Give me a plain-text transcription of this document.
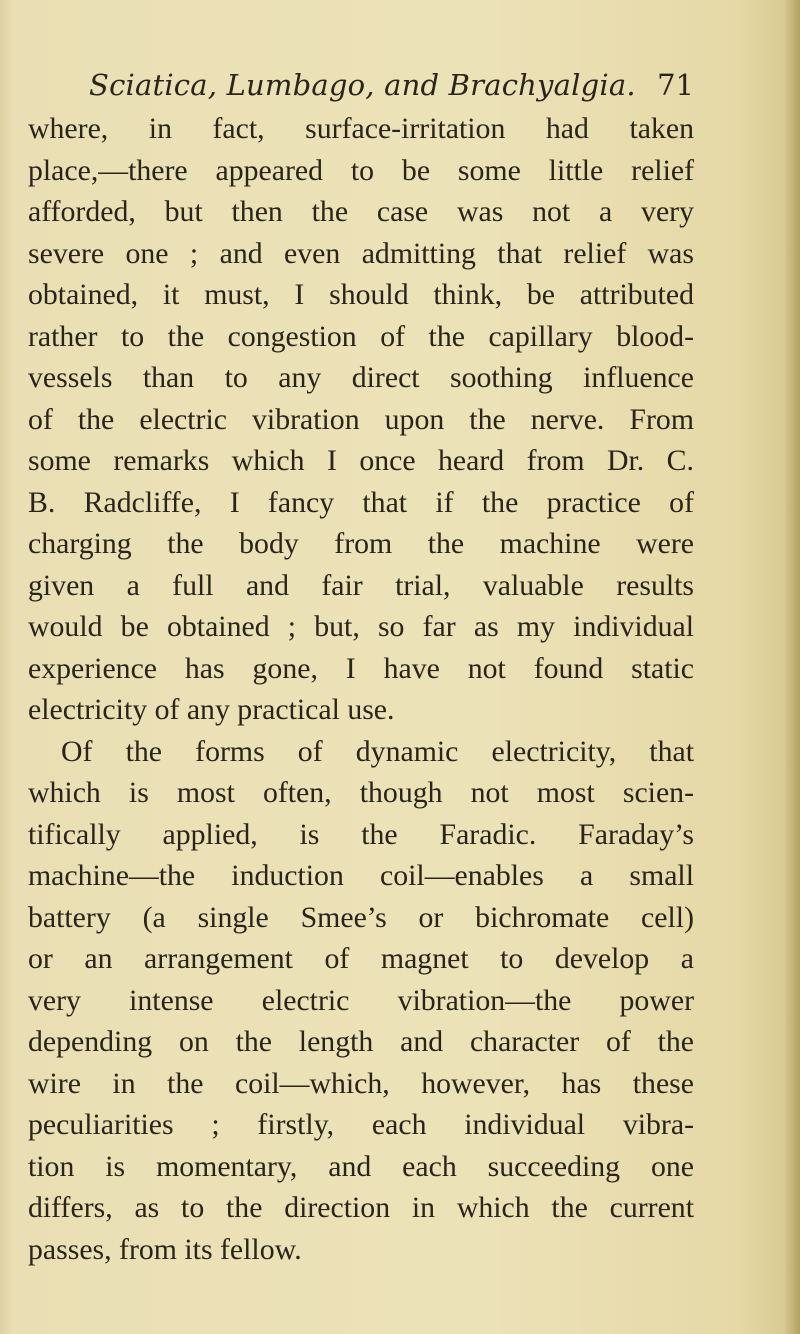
Sciatica, Lumbago, and Brachyalgia. 71
where, in fact, surface-irritation had taken
place,—there appeared to be some little relief
afforded, but then the case was not a very
severe one ; and even admitting that relief was
obtained, it must, I should think, be attributed
rather to the congestion of the capillary blood-
vessels than to any direct soothing influence
of the electric vibration upon the nerve. From
some remarks which I once heard from Dr. C.
B. Radcliffe, I fancy that if the practice of
charging the body from the machine were
given a full and fair trial, valuable results
would be obtained ; but, so far as my individual
experience has gone, I have not found static
electricity of any practical use.
Of the forms of dynamic electricity, that
which is most often, though not most scien-
tifically applied, is the Faradic. Faraday’s
machine—the induction coil—enables a small
battery (a single Smee’s or bichromate cell)
or an arrangement of magnet to develop a
very intense electric vibration—the power
depending on the length and character of the
wire in the coil—which, however, has these
peculiarities ; firstly, each individual vibra-
tion is momentary, and each succeeding one
differs, as to the direction in which the current
passes, from its fellow.
